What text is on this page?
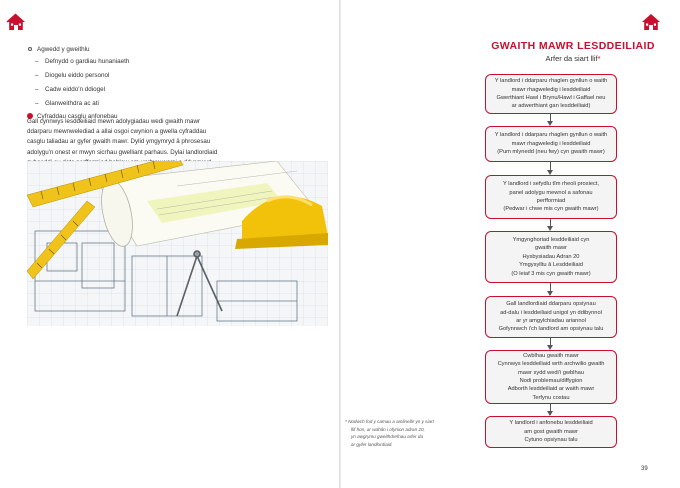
Agwedd y gweithlu
– Defnydd o gardiau hunaniaeth
– Diogelu eiddo personol
– Cadw eiddo'n ddiogel
– Glanweithdra ac ati
Cyfraddau casglu anfonebau
Gall cynnwys lesddeiliaid mewn adolygiadau wedi gwaith mawr
ddarparu mewnwelediad a allai osgoi cwynion a gwella cyfraddau
casglu taliadau ar gyfer gwaith mawr. Dylid ymgymryd â phrosesau
adolygu'n onest er mwyn sicrhau gwelliant parhaus. Dylai landlordiaid
GWAITH MAWR LESDDEILIAID
Arfer da siart llif*
Y landlord i ddarparu rhaglen gynllun o waith
mawr rhagweledig i lesddeiliaid
Gwerthiant Hawl i Brynu/Hawl i Gaffael neu
ar adwerthiant gan lesddeiliaid)
Y landlord i ddarparu rhaglen gynllun o waith
mawr rhagweledig i lesddeiliaid
(Pum mlynedd (neu fwy) cyn gwaith mawr)
Y landlord i sefydlu tîm rheoli prosiect,
panel adolygu mewnol a safonau
perfformiad
(Pedwar i chwe mis cyn gwaith mawr)
Ymgynghoriad lesddeiliaid cyn
gwaith mawr
Hysbysiadau Adran 20
Ymgysylltu â Lesddeiliaid
(O leiaf 3 mis cyn gwaith mawr)
Gall landlordiaid ddarparu opsiynau
ad-dalu i lesddeiliaid unigol yn ddibynnol
ar yr amgylchiadau ariannol
Gofynnwch i'ch landlord am opsiynau talu
Cwblhau gwaith mawr
Cynnwys lesddeiliaid wrth archwilio gwaith
mawr sydd wedi'i gwblhau
Nodi problemau/diffygion
Adborth lesddeiliaid ar waith mawr
Terfynu costau
Y landlord i anfonebu lesddeiliaid
am gost gwaith mawr
Cytuno opsiynau talu
* Nodwch fod y camau a amlinellir yn y siart
llif hon, ar wahân i ofynion adran 20,
yn awgrymu gweithdrefnau arfer da
ar gyfer landlordiaid.
39
